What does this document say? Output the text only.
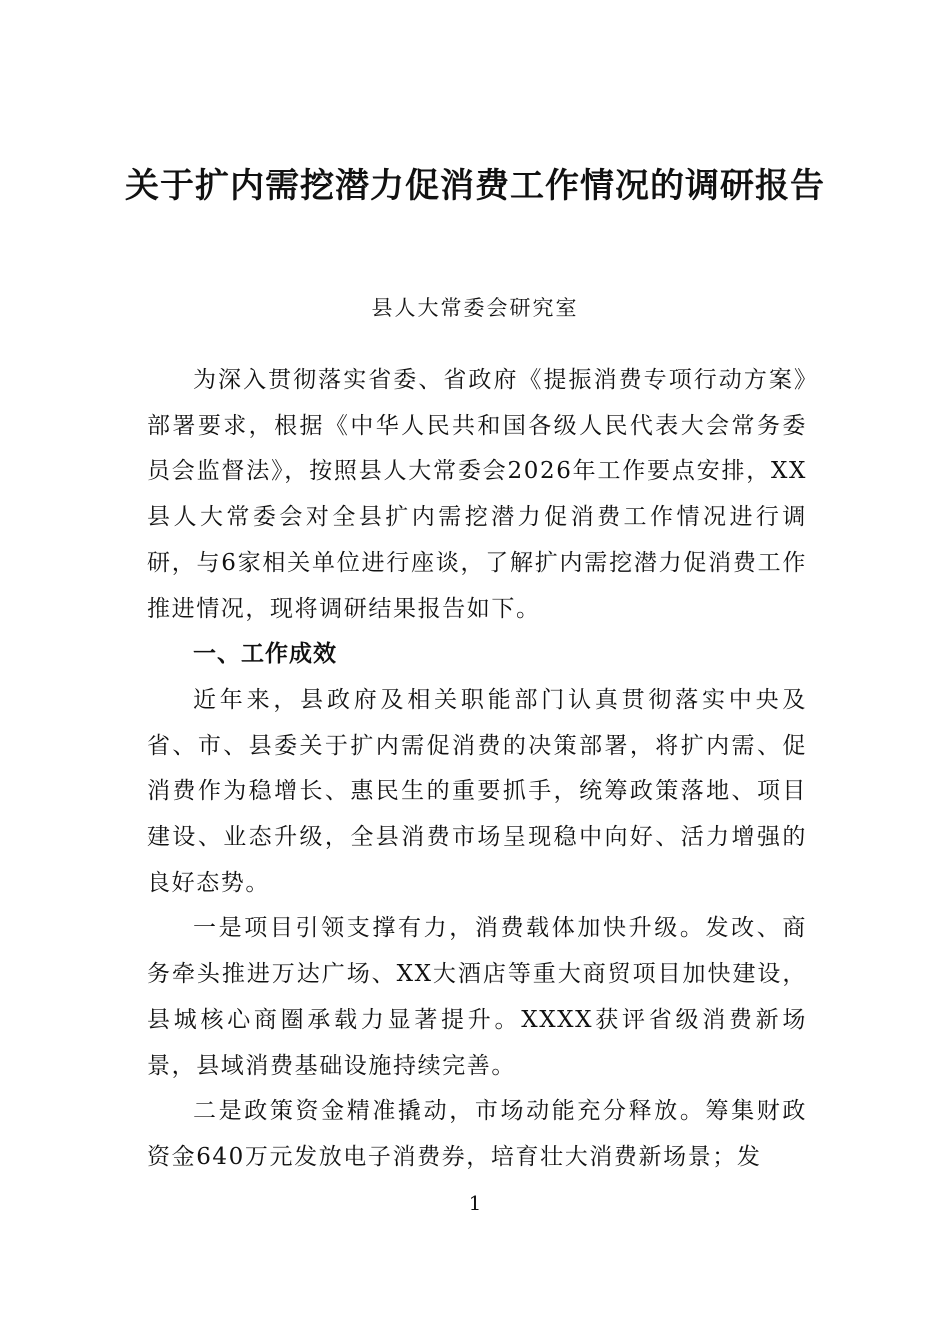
关于扩内需挖潜力促消费工作情况的调研报告
县人大常委会研究室

为深入贯彻落实省委、省政府《提振消费专项行动方案》部署要求，根据《中华人民共和国各级人民代表大会常务委员会监督法》，按照县人大常委会2026年工作要点安排，XX县人大常委会对全县扩内需挖潜力促消费工作情况进行调研，与6家相关单位进行座谈，了解扩内需挖潜力促消费工作推进情况，现将调研结果报告如下。

一、工作成效

近年来，县政府及相关职能部门认真贯彻落实中央及省、市、县委关于扩内需促消费的决策部署，将扩内需、促消费作为稳增长、惠民生的重要抓手，统筹政策落地、项目建设、业态升级，全县消费市场呈现稳中向好、活力增强的良好态势。

一是项目引领支撑有力，消费载体加快升级。发改、商务牵头推进万达广场、XX大酒店等重大商贸项目加快建设，县城核心商圈承载力显著提升。XXXX获评省级消费新场景，县域消费基础设施持续完善。

二是政策资金精准撬动，市场动能充分释放。筹集财政资金640万元发放电子消费券，培育壮大消费新场景；发

1
